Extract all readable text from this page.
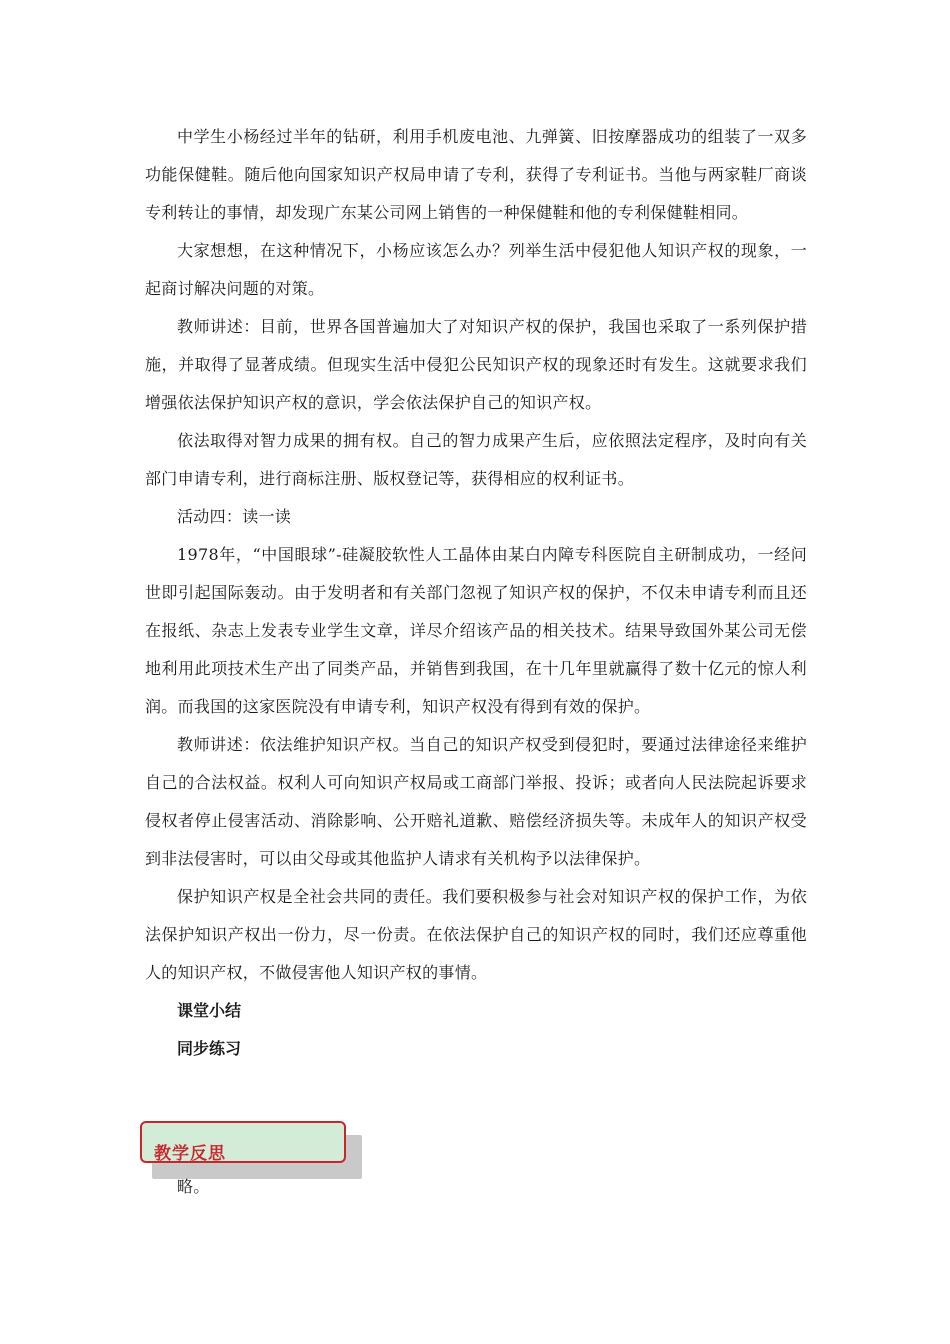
中学生小杨经过半年的钻研，利用手机废电池、九弹簧、旧按摩器成功的组装了一双多功能保健鞋。随后他向国家知识产权局申请了专利，获得了专利证书。当他与两家鞋厂商谈专利转让的事情，却发现广东某公司网上销售的一种保健鞋和他的专利保健鞋相同。

大家想想，在这种情况下，小杨应该怎么办？列举生活中侵犯他人知识产权的现象，一起商讨解决问题的对策。

教师讲述：目前，世界各国普遍加大了对知识产权的保护，我国也采取了一系列保护措施，并取得了显著成绩。但现实生活中侵犯公民知识产权的现象还时有发生。这就要求我们增强依法保护知识产权的意识，学会依法保护自己的知识产权。

依法取得对智力成果的拥有权。自己的智力成果产生后，应依照法定程序，及时向有关部门申请专利，进行商标注册、版权登记等，获得相应的权利证书。

活动四：读一读

1978年，“中国眼球”-硅凝胶软性人工晶体由某白内障专科医院自主研制成功，一经问世即引起国际轰动。由于发明者和有关部门忽视了知识产权的保护，不仅未申请专利而且还在报纸、杂志上发表专业学生文章，详尽介绍该产品的相关技术。结果导致国外某公司无偿地利用此项技术生产出了同类产品，并销售到我国，在十几年里就赢得了数十亿元的惊人利润。而我国的这家医院没有申请专利，知识产权没有得到有效的保护。

教师讲述：依法维护知识产权。当自己的知识产权受到侵犯时，要通过法律途径来维护自己的合法权益。权利人可向知识产权局或工商部门举报、投诉；或者向人民法院起诉要求侵权者停止侵害活动、消除影响、公开赔礼道歉、赔偿经济损失等。未成年人的知识产权受到非法侵害时，可以由父母或其他监护人请求有关机构予以法律保护。

保护知识产权是全社会共同的责任。我们要积极参与社会对知识产权的保护工作，为依法保护知识产权出一份力，尽一份责。在依法保护自己的知识产权的同时，我们还应尊重他人的知识产权，不做侵害他人知识产权的事情。

课堂小结

同步练习

教学反思
略。
